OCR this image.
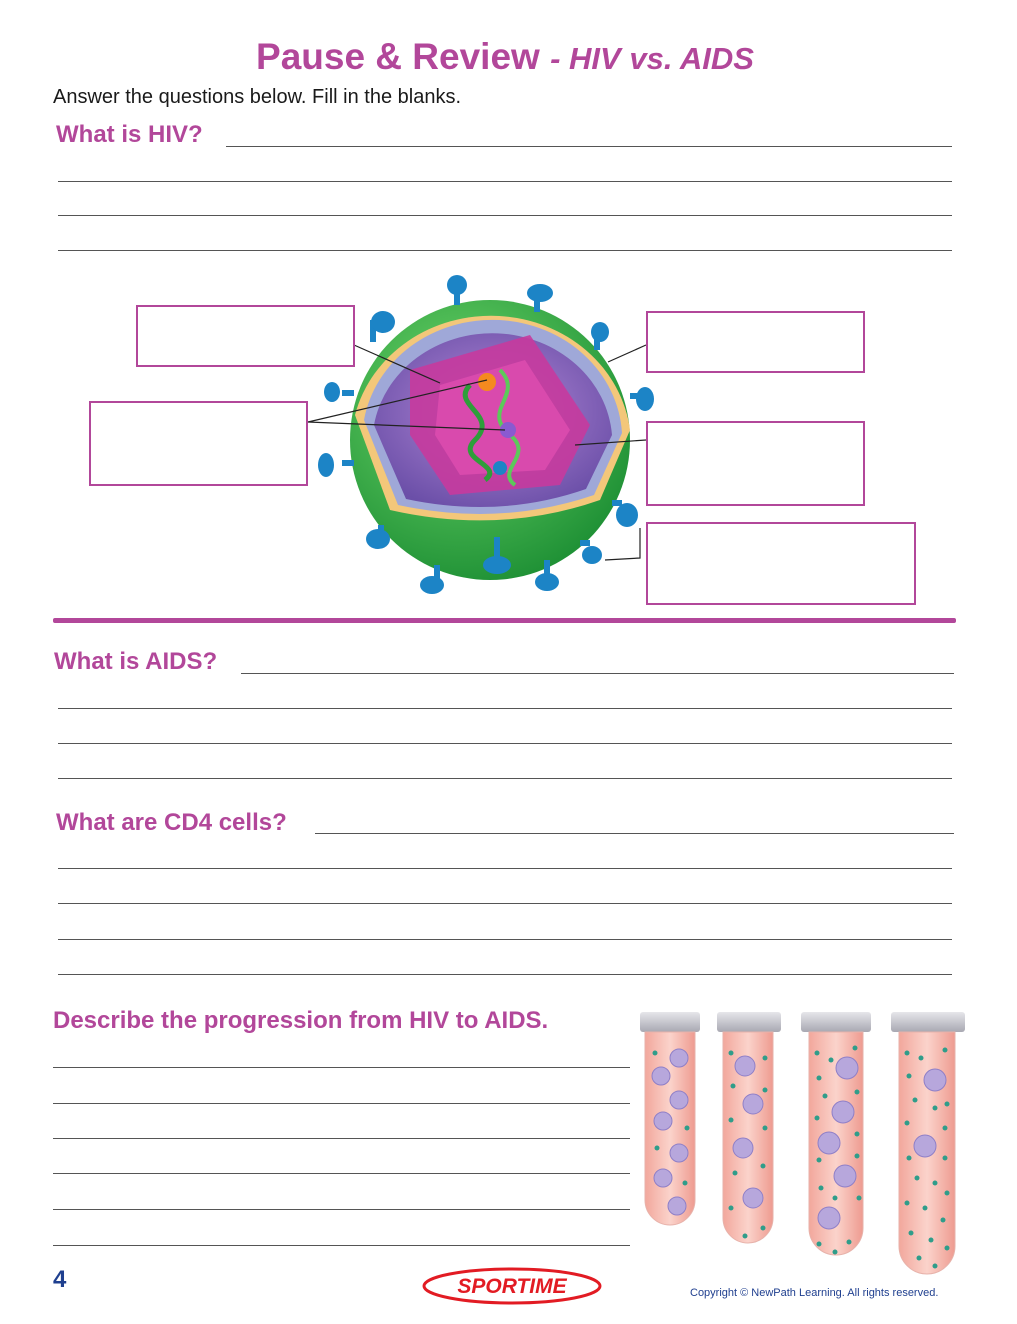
Pause & Review - HIV vs. AIDS
Answer the questions below. Fill in the blanks.
What is HIV?
What is AIDS?
What are CD4 cells?
Describe the progression from HIV to AIDS.
4	SPORTIME	Copyright © NewPath Learning. All rights reserved.
